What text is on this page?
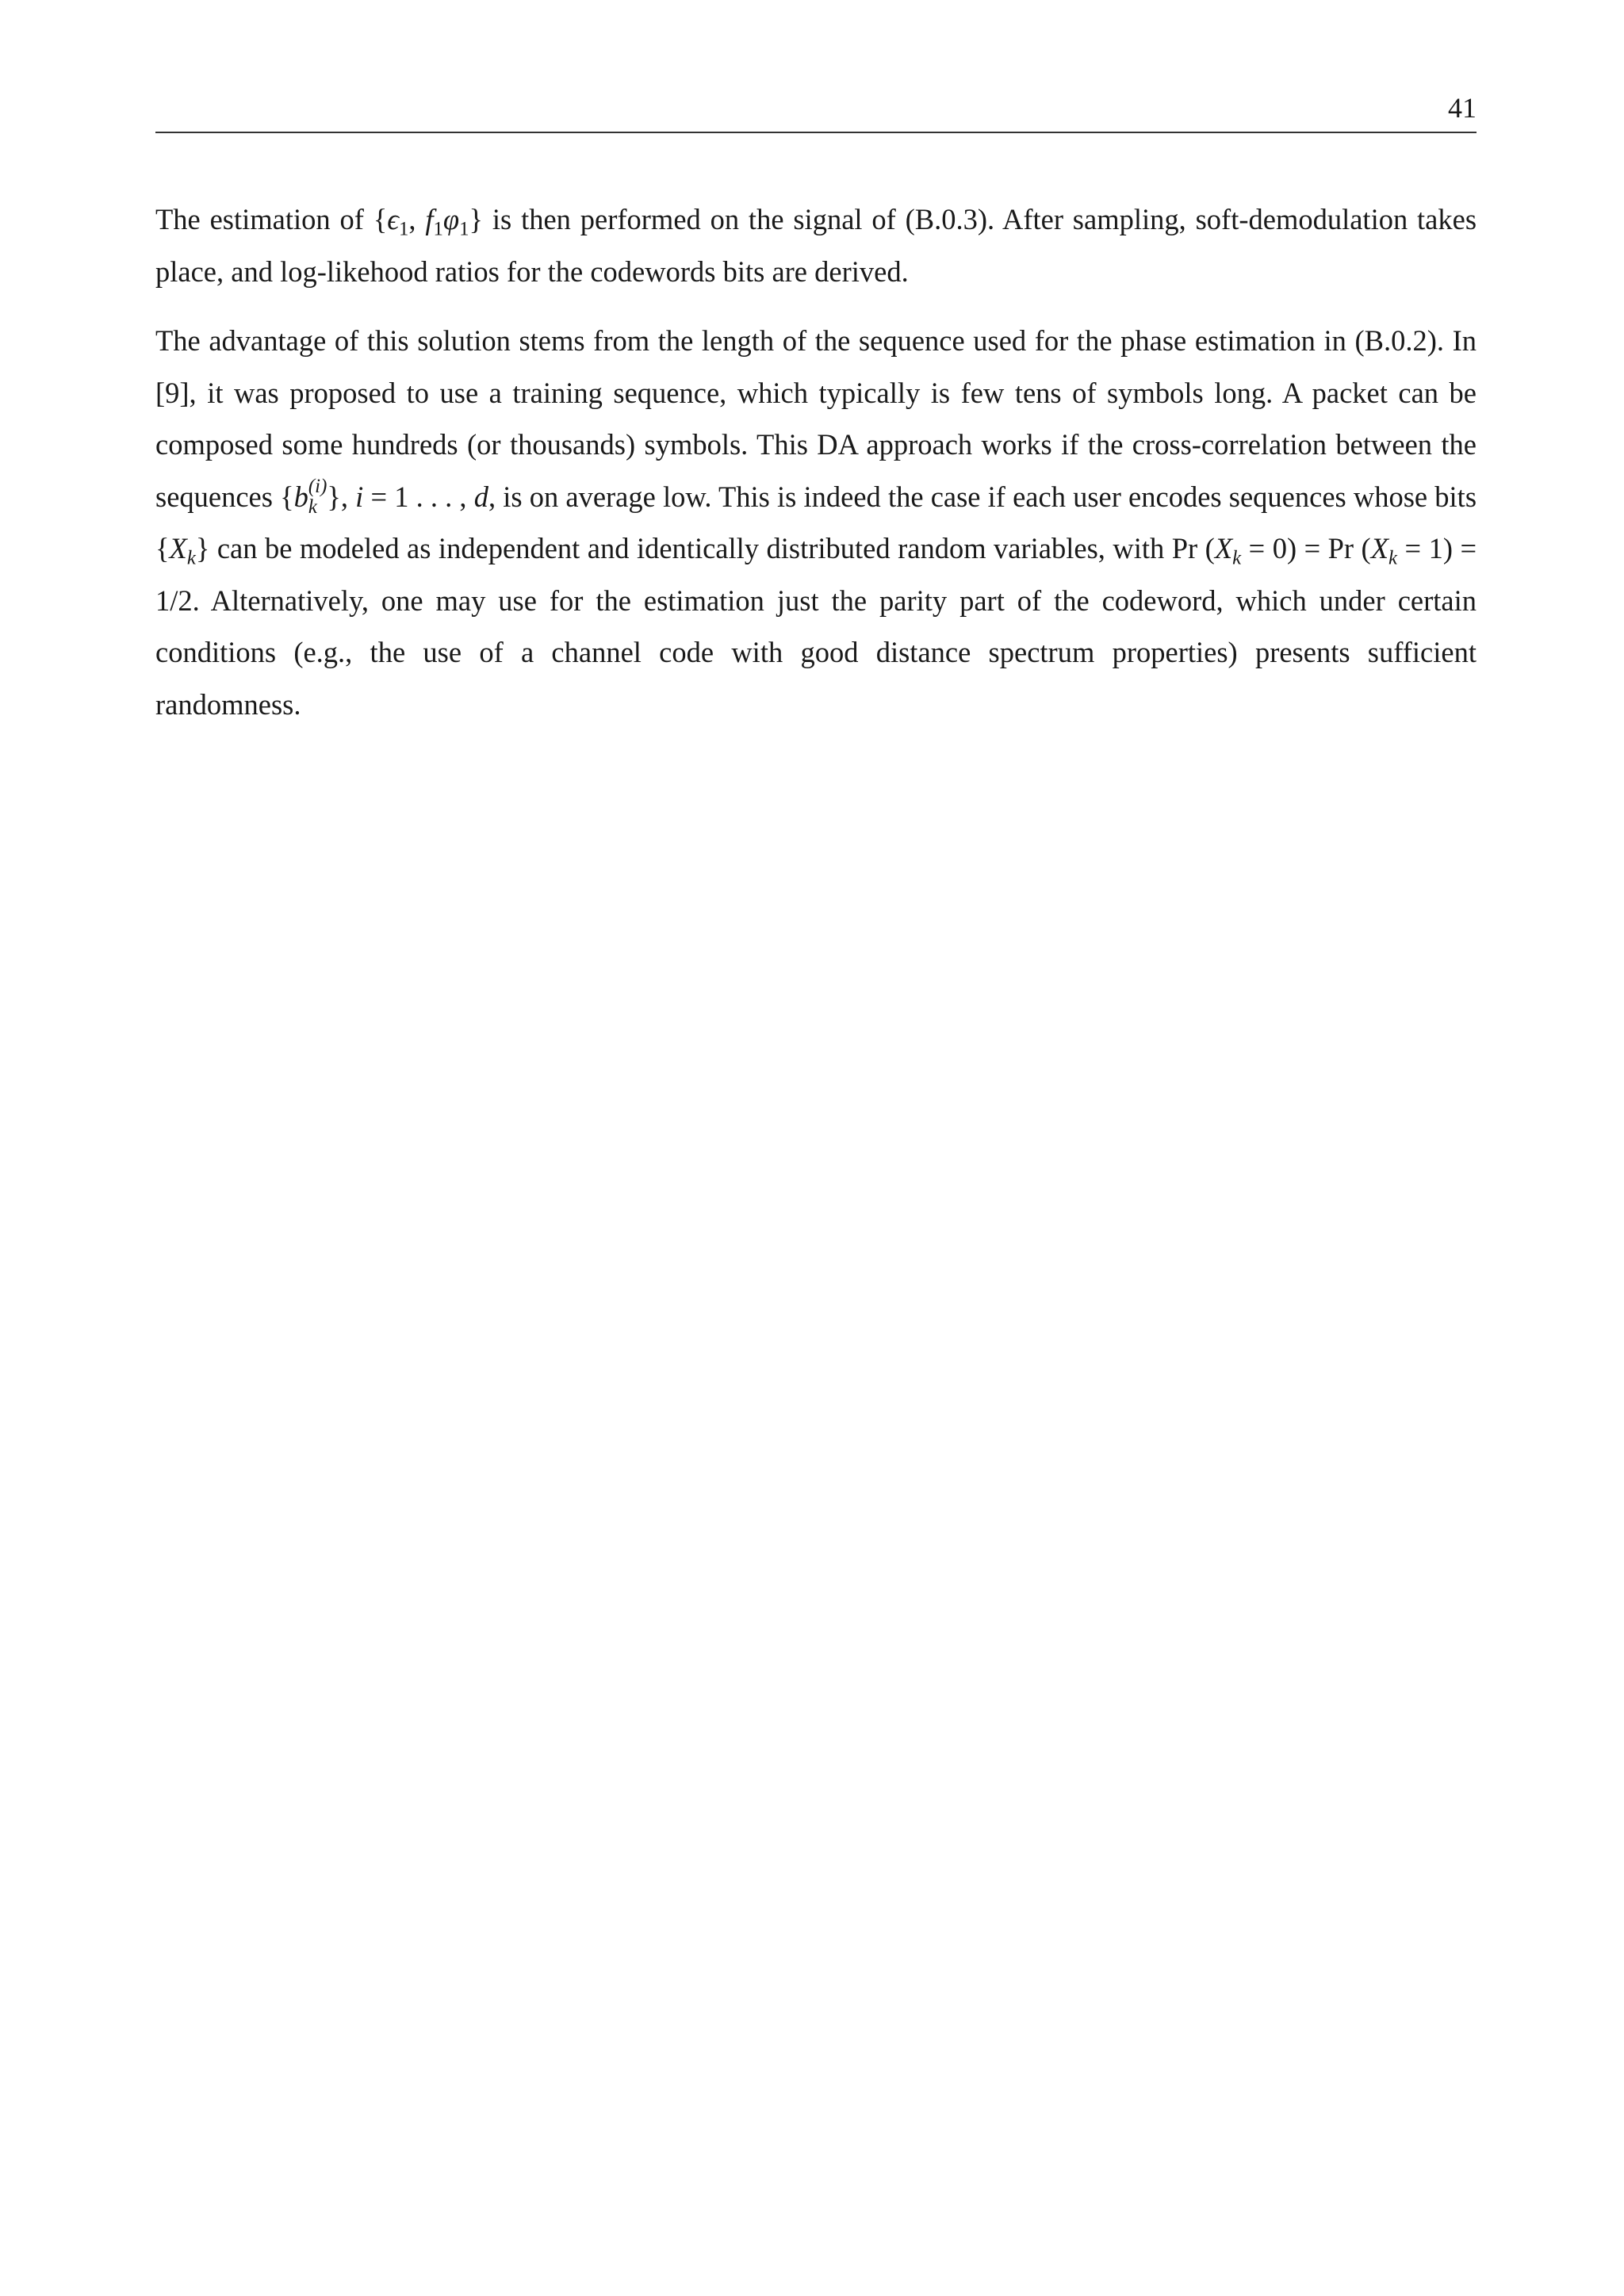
41

The estimation of {$\epsilon_1$, $f_1\varphi_1$} is then performed on the signal of (B.0.3). After sampling, soft-demodulation takes place, and log-likehood ratios for the codewords bits are derived.

The advantage of this solution stems from the length of the sequence used for the phase estimation in (B.0.2). In [9], it was proposed to use a training sequence, which typically is few tens of symbols long. A packet can be composed some hundreds (or thousands) symbols. This DA approach works if the cross-correlation between the sequences {b (i)
k }, i = 1 . . . , d, is on average low. This is indeed the case if each user encodes sequences whose bits $\{X_k\}$ can be modeled as independent and identically distributed random variables, with Pr $(X_k = 0) = Pr$ $(X_k = 1) = 1/2$. Alternatively, one may use for the estimation just the parity part of the codeword, which under certain conditions (e.g., the use of a channel code with good distance spectrum properties) presents sufficient randomness.
